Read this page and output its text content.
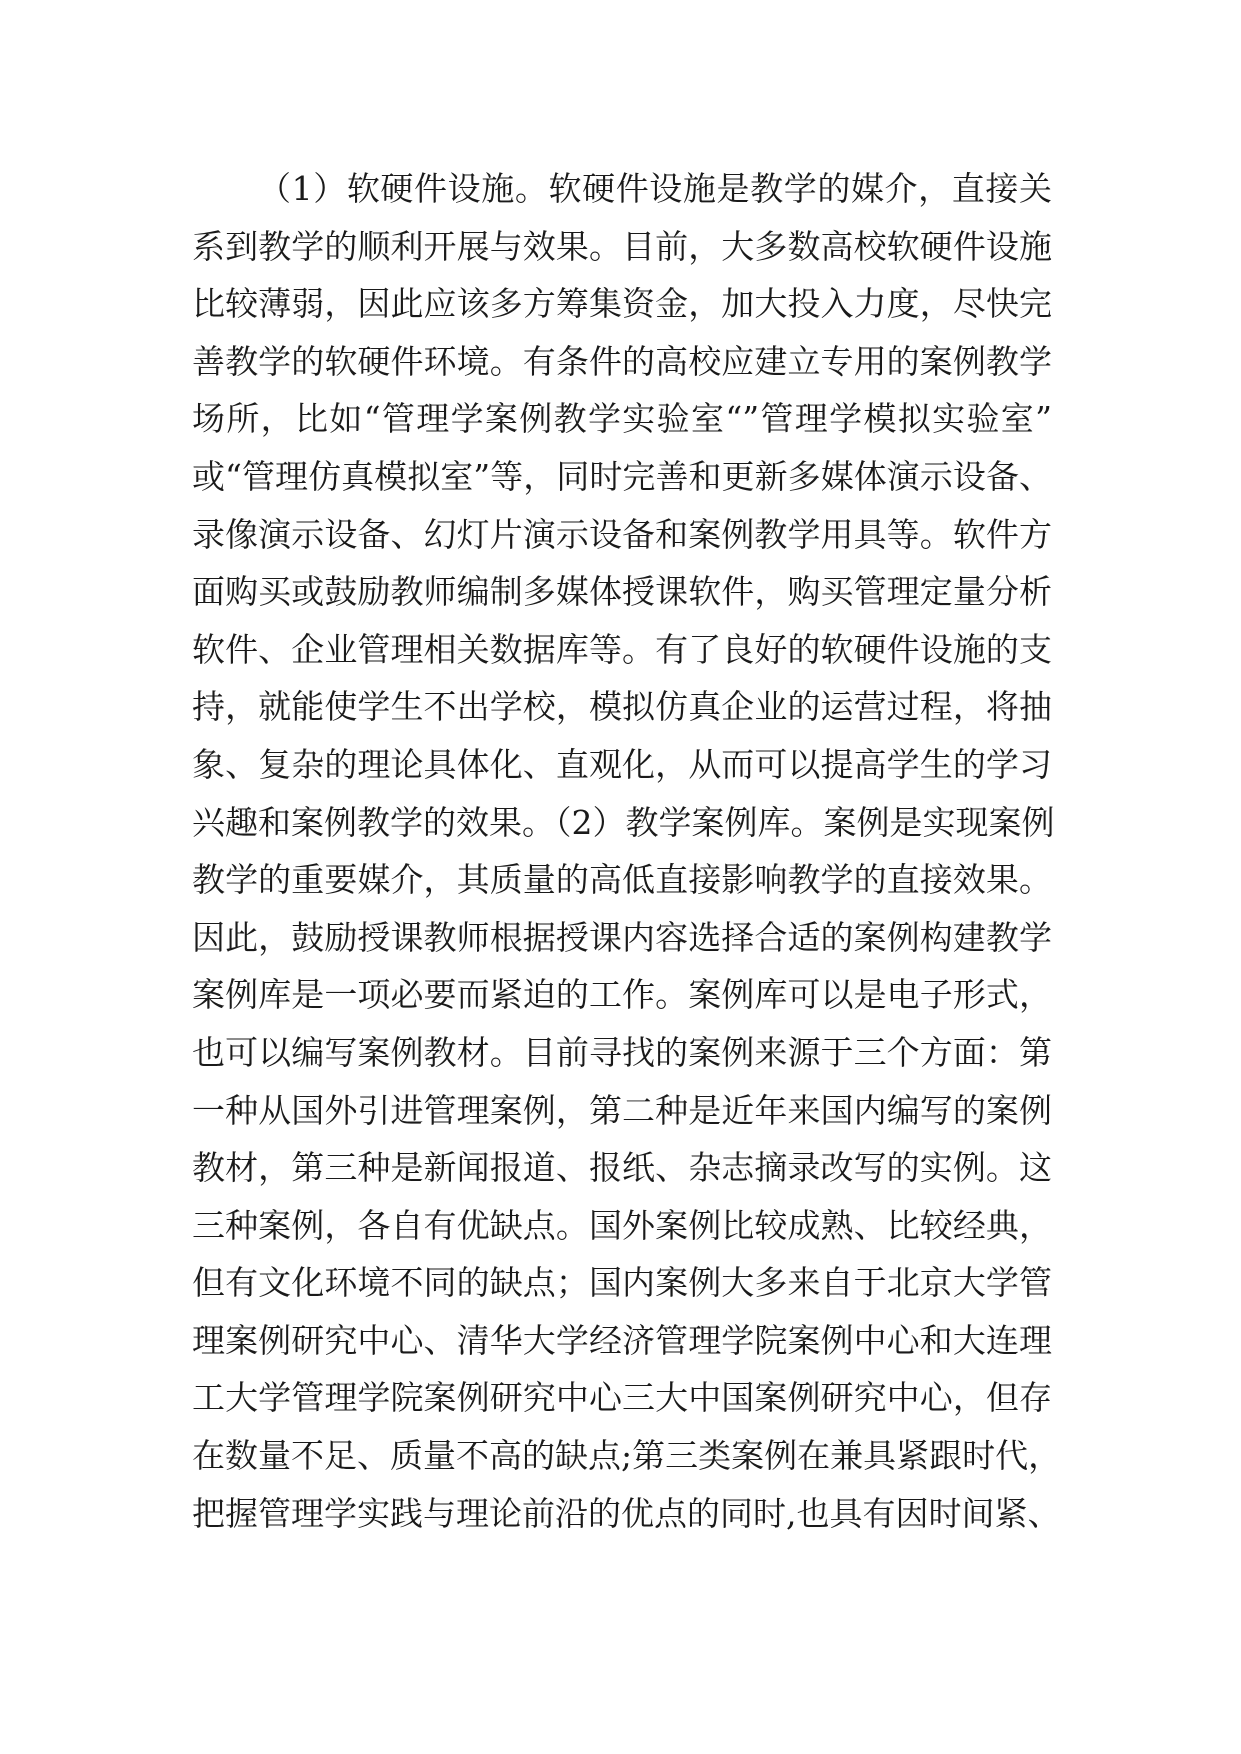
（1）软硬件设施。软硬件设施是教学的媒介，直接关
系到教学的顺利开展与效果。目前，大多数高校软硬件设施
比较薄弱，因此应该多方筹集资金，加大投入力度，尽快完
善教学的软硬件环境。有条件的高校应建立专用的案例教学
场所，比如“管理学案例教学实验室“”管理学模拟实验室”
或“管理仿真模拟室”等，同时完善和更新多媒体演示设备、
录像演示设备、幻灯片演示设备和案例教学用具等。软件方
面购买或鼓励教师编制多媒体授课软件，购买管理定量分析
软件、企业管理相关数据库等。有了良好的软硬件设施的支
持，就能使学生不出学校，模拟仿真企业的运营过程，将抽
象、复杂的理论具体化、直观化，从而可以提高学生的学习
兴趣和案例教学的效果。（2）教学案例库。案例是实现案例
教学的重要媒介，其质量的高低直接影响教学的直接效果。
因此，鼓励授课教师根据授课内容选择合适的案例构建教学
案例库是一项必要而紧迫的工作。案例库可以是电子形式，
也可以编写案例教材。目前寻找的案例来源于三个方面：第
一种从国外引进管理案例，第二种是近年来国内编写的案例
教材，第三种是新闻报道、报纸、杂志摘录改写的实例。这
三种案例，各自有优缺点。国外案例比较成熟、比较经典，
但有文化环境不同的缺点；国内案例大多来自于北京大学管
理案例研究中心、清华大学经济管理学院案例中心和大连理
工大学管理学院案例研究中心三大中国案例研究中心，但存
在数量不足、质量不高的缺点;第三类案例在兼具紧跟时代，
把握管理学实践与理论前沿的优点的同时,也具有因时间紧、
